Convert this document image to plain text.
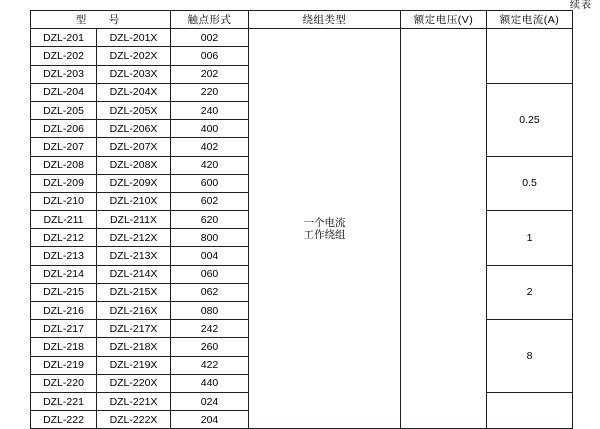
续表
型　号		触点形式	绕组类型	额定电压(V)	额定电流(A)
DZL-201	DZL-201X	002	一个电流
工作绕组		

DZL-202	DZL-202X	006			
DZL-203	DZL-203X	202			
DZL-204	DZL-204X	220			0.25
DZL-205	DZL-205X	240			
DZL-206	DZL-206X	400			
DZL-207	DZL-207X	402			
DZL-208	DZL-208X	420			0.5
DZL-209	DZL-209X	600			
DZL-210	DZL-210X	602			
DZL-211	DZL-211X	620			1
DZL-212	DZL-212X	800			
DZL-213	DZL-213X	004			
DZL-214	DZL-214X	060			2
DZL-215	DZL-215X	062			
DZL-216	DZL-216X	080			
DZL-217	DZL-217X	242			8
DZL-218	DZL-218X	260			
DZL-219	DZL-219X	422			
DZL-220	DZL-220X	440			
DZL-221	DZL-221X	024			
DZL-222	DZL-222X	204			
